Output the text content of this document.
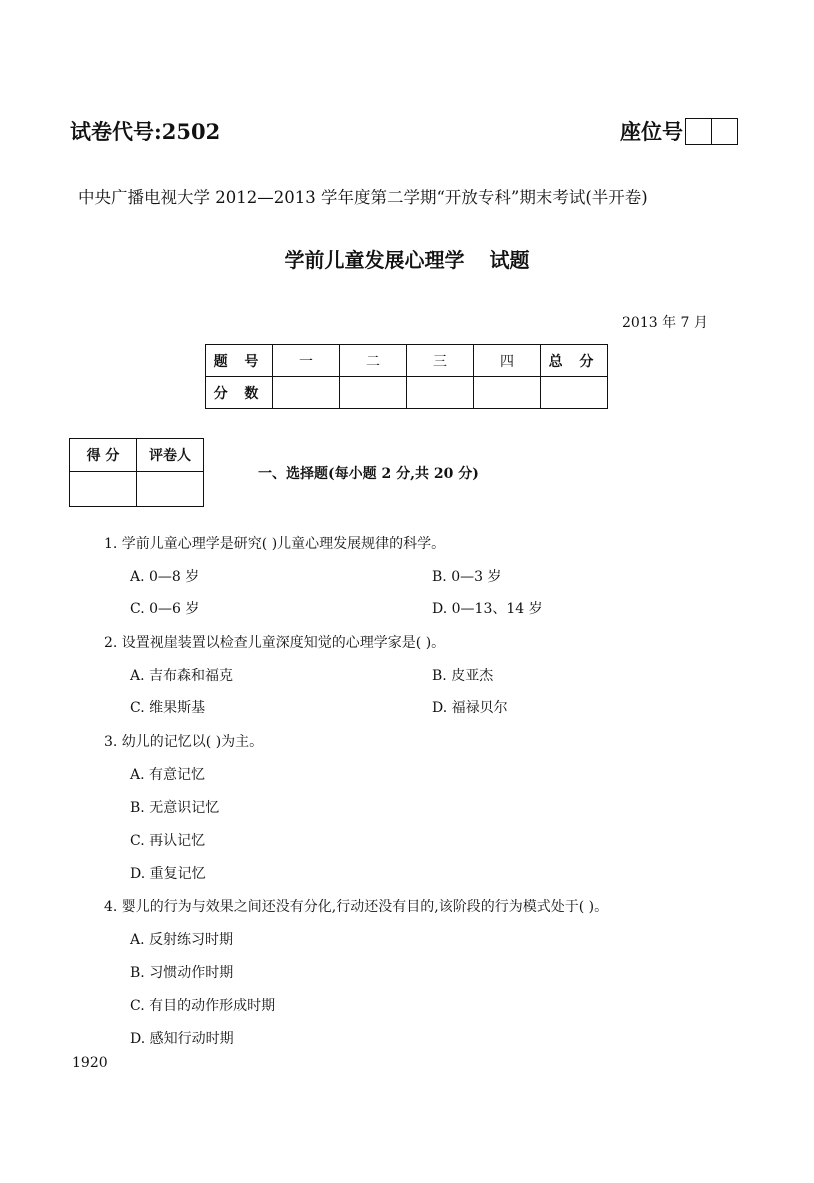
试卷代号:2502	座位号
中央广播电视大学 2012—2013 学年度第二学期“开放专科”期末考试(半开卷)
学前儿童发展心理学 试题
2013 年 7 月
题 号	一	二	三	四	总 分
分 数					
得 分	评卷人

一、选择题(每小题 2 分,共 20 分)
1. 学前儿童心理学是研究( )儿童心理发展规律的科学。
A. 0—8 岁	B. 0—3 岁
C. 0—6 岁	D. 0—13、14 岁
2. 设置视崖装置以检查儿童深度知觉的心理学家是( )。
A. 吉布森和福克	B. 皮亚杰
C. 维果斯基	D. 福禄贝尔
3. 幼儿的记忆以( )为主。
A. 有意记忆
B. 无意识记忆
C. 再认记忆
D. 重复记忆
4. 婴儿的行为与效果之间还没有分化,行动还没有目的,该阶段的行为模式处于( )。
A. 反射练习时期
B. 习惯动作时期
C. 有目的动作形成时期
D. 感知行动时期
1920
